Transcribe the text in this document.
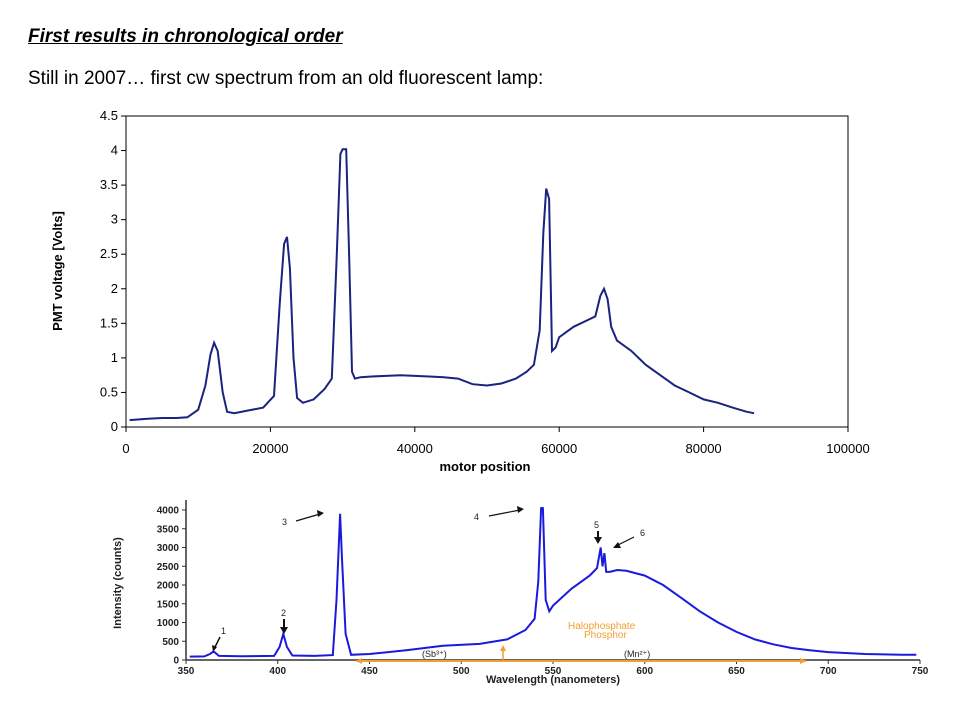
First results in chronological order
Still in 2007… first cw spectrum from an old fluorescent lamp:
0
0.5
1
1.5
2
2.5
3
3.5
4
4.5
0	20000	40000	60000	80000	100000
motor position
PMT voltage [Volts]
0
500
1000
1500
2000
2500
3000
3500
4000
350	400	450	500	550	600	650	700	750
(Sb³⁺)	(Mn²⁺)
Halophosphate
Phosphor
1
2
3	4
5
6
Wavelength (nanometers)
Intensity (counts)
